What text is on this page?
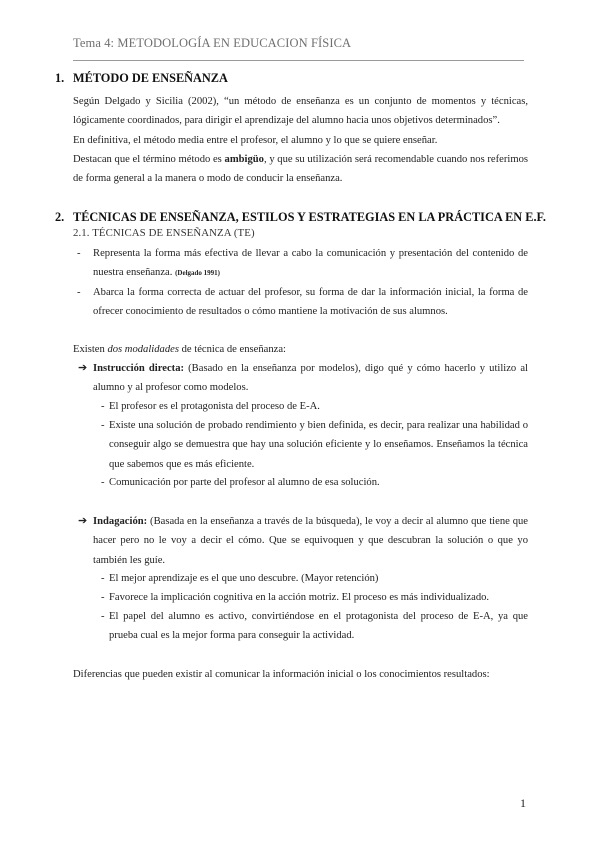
Tema 4: METODOLOGÍA EN EDUCACION FÍSICA
1. MÉTODO DE ENSEÑANZA
Según Delgado y Sicilia (2002), “un método de enseñanza es un conjunto de momentos y técnicas, lógicamente coordinados, para dirigir el aprendizaje del alumno hacia unos objetivos determinados”.
En definitiva, el método media entre el profesor, el alumno y lo que se quiere enseñar.
Destacan que el término método es ambigüo, y que su utilización será recomendable cuando nos referimos de forma general a la manera o modo de conducir la enseñanza.
2. TÉCNICAS DE ENSEÑANZA, ESTILOS Y ESTRATEGIAS EN LA PRÁCTICA EN E.F.
2.1. TÉCNICAS DE ENSEÑANZA (TE)
- Representa la forma más efectiva de llevar a cabo la comunicación y presentación del contenido de nuestra enseñanza. (Delgado 1991)
- Abarca la forma correcta de actuar del profesor, su forma de dar la información inicial, la forma de ofrecer conocimiento de resultados o cómo mantiene la motivación de sus alumnos.
Existen dos modalidades de técnica de enseñanza:
➔ Instrucción directa: (Basado en la enseñanza por modelos), digo qué y cómo hacerlo y utilizo al alumno y al profesor como modelos.
- El profesor es el protagonista del proceso de E-A.
- Existe una solución de probado rendimiento y bien definida, es decir, para realizar una habilidad o conseguir algo se demuestra que hay una solución eficiente y lo enseñamos. Enseñamos la técnica que sabemos que es más eficiente.
- Comunicación por parte del profesor al alumno de esa solución.
➔ Indagación: (Basada en la enseñanza a través de la búsqueda), le voy a decir al alumno que tiene que hacer pero no le voy a decir el cómo. Que se equivoquen y que descubran la solución o que yo también les guíe.
- El mejor aprendizaje es el que uno descubre. (Mayor retención)
- Favorece la implicación cognitiva en la acción motriz. El proceso es más individualizado.
- El papel del alumno es activo, convirtiéndose en el protagonista del proceso de E-A, ya que prueba cual es la mejor forma para conseguir la actividad.
Diferencias que pueden existir al comunicar la información inicial o los conocimientos resultados:
1
